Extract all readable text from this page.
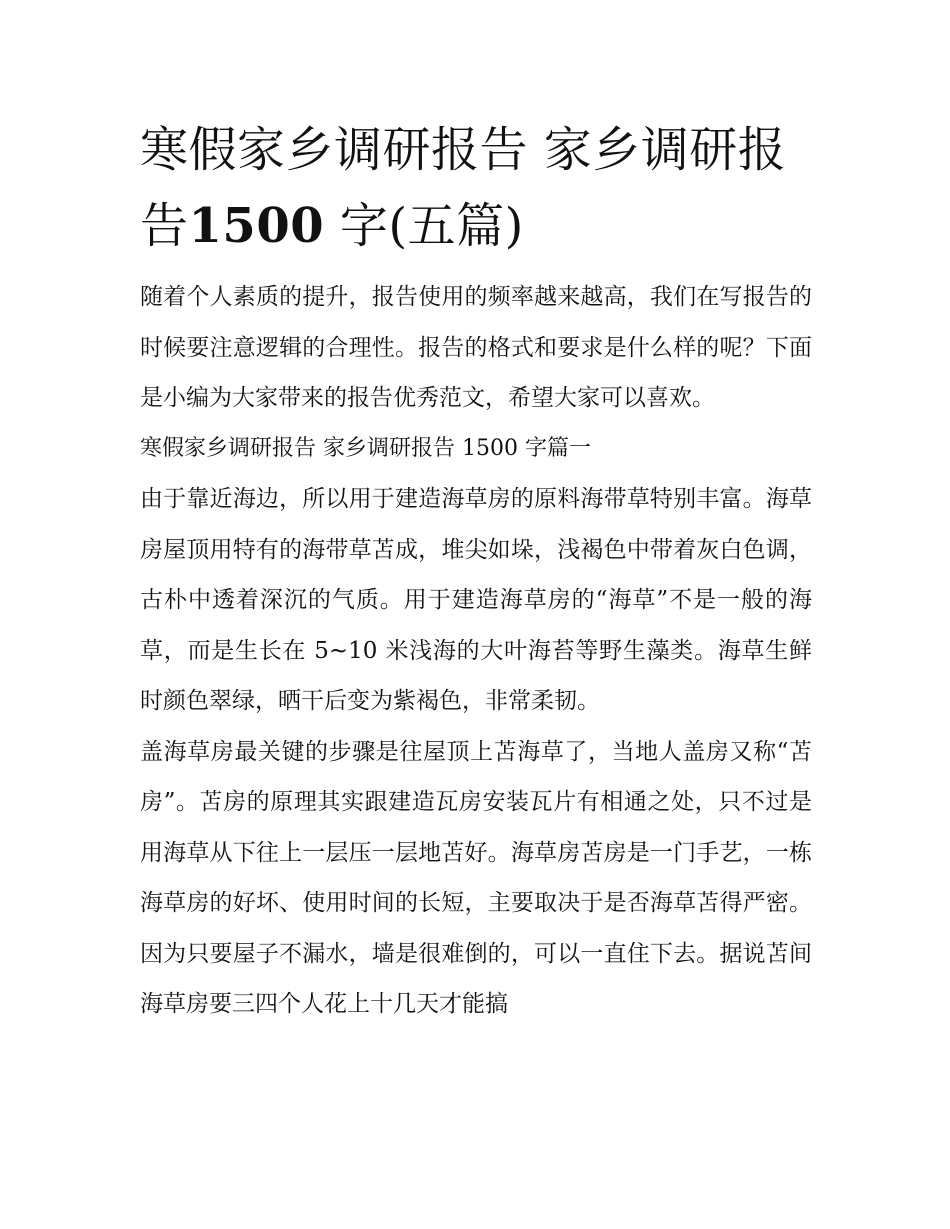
寒假家乡调研报告 家乡调研报告1500 字(五篇)

随着个人素质的提升，报告使用的频率越来越高，我们在写报告的时候要注意逻辑的合理性。报告的格式和要求是什么样的呢？下面是小编为大家带来的报告优秀范文，希望大家可以喜欢。

寒假家乡调研报告 家乡调研报告 1500 字篇一

由于靠近海边，所以用于建造海草房的原料海带草特别丰富。海草房屋顶用特有的海带草苫成，堆尖如垛，浅褐色中带着灰白色调，古朴中透着深沉的气质。用于建造海草房的“海草”不是一般的海草，而是生长在 5~10 米浅海的大叶海苔等野生藻类。海草生鲜时颜色翠绿，晒干后变为紫褐色，非常柔韧。

盖海草房最关键的步骤是往屋顶上苫海草了，当地人盖房又称“苫房”。苫房的原理其实跟建造瓦房安装瓦片有相通之处，只不过是用海草从下往上一层压一层地苫好。海草房苫房是一门手艺，一栋海草房的好坏、使用时间的长短，主要取决于是否海草苫得严密。因为只要屋子不漏水，墙是很难倒的，可以一直住下去。据说苫间海草房要三四个人花上十几天才能搞
